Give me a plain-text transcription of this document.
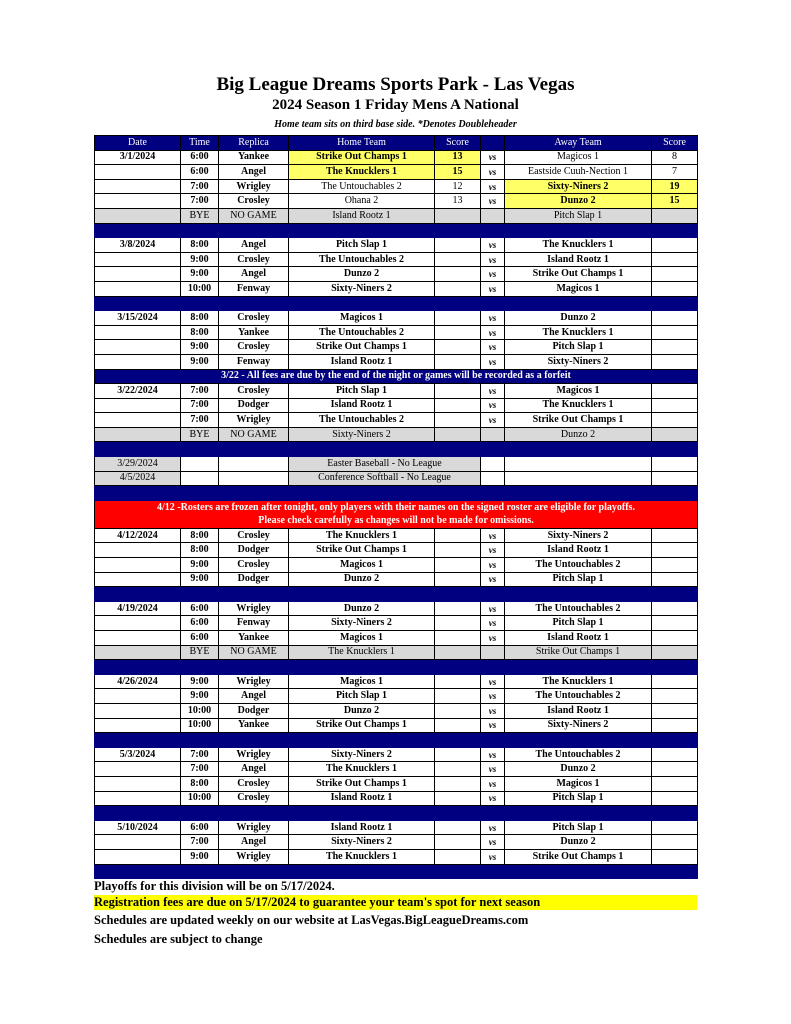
Big League Dreams Sports Park - Las Vegas
2024 Season 1 Friday Mens A National
Home team sits on third base side. *Denotes Doubleheader
Date	Time	Replica	Home Team	Score		Away Team	Score
3/1/2024	6:00	Yankee	Strike Out Champs 1	13	vs	Magicos 1	8
	6:00	Angel	The Knucklers 1	15	vs	Eastside Cuuh-Nection 1	7
	7:00	Wrigley	The Untouchables 2	12	vs	Sixty-Niners 2	19
	7:00	Crosley	Ohana 2	13	vs	Dunzo 2	15
	BYE	NO GAME	Island Rootz 1			Pitch Slap 1	

3/8/2024	8:00	Angel	Pitch Slap 1		vs	The Knucklers 1	
	9:00	Crosley	The Untouchables 2		vs	Island Rootz 1	
	9:00	Angel	Dunzo 2		vs	Strike Out Champs 1	
	10:00	Fenway	Sixty-Niners 2		vs	Magicos 1	

3/15/2024	8:00	Crosley	Magicos 1		vs	Dunzo 2	
	8:00	Yankee	The Untouchables 2		vs	The Knucklers 1	
	9:00	Crosley	Strike Out Champs 1		vs	Pitch Slap 1	
	9:00	Fenway	Island Rootz 1		vs	Sixty-Niners 2	
3/22 - All fees are due by the end of the night or games will be recorded as a forfeit							
3/22/2024	7:00	Crosley	Pitch Slap 1		vs	Magicos 1	
	7:00	Dodger	Island Rootz 1		vs	The Knucklers 1	
	7:00	Wrigley	The Untouchables 2		vs	Strike Out Champs 1	
	BYE	NO GAME	Sixty-Niners 2			Dunzo 2	

3/29/2024			Easter Baseball - No League				
4/5/2024			Conference Softball - No League				

4/12 -Rosters are frozen after tonight, only players with their names on the signed roster are eligible for playoffs.
Please check carefully as changes will not be made for omissions.							

4/12/2024	8:00	Crosley	The Knucklers 1		vs	Sixty-Niners 2	
	8:00	Dodger	Strike Out Champs 1		vs	Island Rootz 1	
	9:00	Crosley	Magicos 1		vs	The Untouchables 2	
	9:00	Dodger	Dunzo 2		vs	Pitch Slap 1	

4/19/2024	6:00	Wrigley	Dunzo 2		vs	The Untouchables 2	
	6:00	Fenway	Sixty-Niners 2		vs	Pitch Slap 1	
	6:00	Yankee	Magicos 1		vs	Island Rootz 1	
	BYE	NO GAME	The Knucklers 1			Strike Out Champs 1	

4/26/2024	9:00	Wrigley	Magicos 1		vs	The Knucklers 1	
	9:00	Angel	Pitch Slap 1		vs	The Untouchables 2	
	10:00	Dodger	Dunzo 2		vs	Island Rootz 1	
	10:00	Yankee	Strike Out Champs 1		vs	Sixty-Niners 2	

5/3/2024	7:00	Wrigley	Sixty-Niners 2		vs	The Untouchables 2	
	7:00	Angel	The Knucklers 1		vs	Dunzo 2	
	8:00	Crosley	Strike Out Champs 1		vs	Magicos 1	
	10:00	Crosley	Island Rootz 1		vs	Pitch Slap 1	

5/10/2024	6:00	Wrigley	Island Rootz 1		vs	Pitch Slap 1	
	7:00	Angel	Sixty-Niners 2		vs	Dunzo 2	
	9:00	Wrigley	The Knucklers 1		vs	Strike Out Champs 1	

Playoffs for this division will be on 5/17/2024.
Registration fees are due on 5/17/2024 to guarantee your team's spot for next season
Schedules are updated weekly on our website at LasVegas.BigLeagueDreams.com
Schedules are subject to change
